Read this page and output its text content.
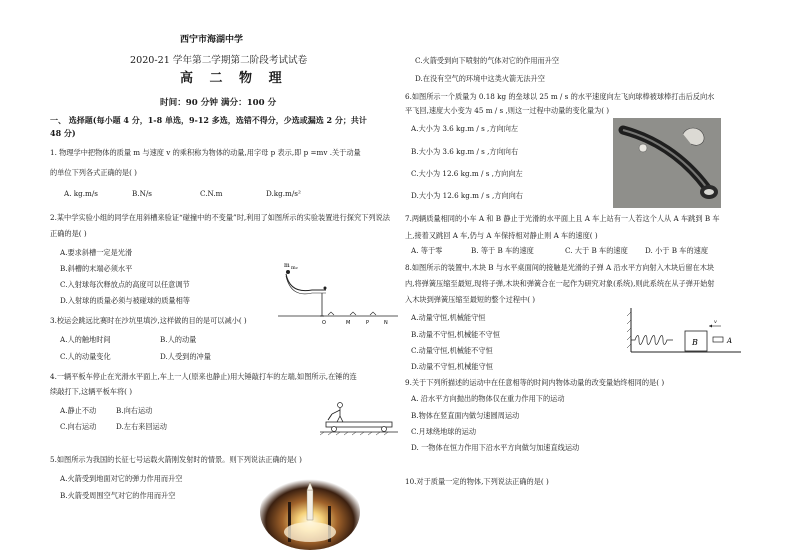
西宁市海湖中学
2020-21 学年第二学期第二阶段考试试卷
高 二 物 理
时间：90 分钟 满分：100 分
一、 选择题(每小题 4 分，1-8 单选，9-12 多选，选错不得分，少选或漏选 2 分；共计
48 分)
1. 物理学中把物体的质量 m 与速度 v 的乘积称为物体的动量,用字母 p 表示,即 p =mv .关于动量
的单位下列各式正确的是( )
A. kg.m/s	B.N/s	C.N.m	D.kg.m/s²
2.某中学实验小组的同学在用斜槽来验证“碰撞中的不变量”时,利用了如图所示的实验装置进行探究下列说法
正确的是( )
A.要求斜槽一定是光滑
B.斜槽的末端必须水平
C.入射球每次释放点的高度可以任意调节
D.入射球的质量必须与被碰球的质量相等
M	P	N
O
m m₂
3.校运会跳远比赛时在沙坑里填沙,这样做的目的是可以减小( )
A.人的触地时间	B.人的动量
C.人的动量变化	D.人受到的冲量
4.一辆平板车停止在光滑水平面上,车上一人(原来也静止)用大锤敲打车的左端,如图所示,在锤的连
续敲打下,这辆平板车将( )
A.静止不动	B.向右运动
C.向右运动	D.左右来回运动
5.如图所示为我国的长征七号运载火箭刚发射时的情景。则下列说法正确的是( )
A.火箭受到地面对它的弹力作用而升空
B.火箭受周围空气对它的作用而升空
C.火箭受到向下喷射的气体对它的作用而升空
D.在没有空气的环境中这类火箭无法升空
6.如图所示一个质量为 0.18 kg 的垒球以 25 m / s 的水平速度向左飞向球棒被球棒打击后反向水
平飞回,速度大小变为 45 m / s ,则这一过程中动量的变化量为( )
A.大小为 3.6 kg.m / s ,方向向左
B.大小为 3.6 kg.m / s ,方向向右
C.大小为 12.6 kg.m / s ,方向向左
D.大小为 12.6 kg.m / s ,方向向右
7.两辆质量相同的小车 A 和 B 静止于光滑的水平面上且 A 车上站有一人若这个人从 A 车跳到 B 车
上,接着又跳回 A 车,仍与 A 车保持相对静止则 A 车的速度( )
A. 等于零	B. 等于 B 车的速度	C. 大于 B 车的速度 D. 小于 B 车的速度
8.如图所示的装置中,木块 B 与水平桌面间的接触是光滑的子弹 A 沿水平方向射入木块后留在木块
内,将弹簧压缩至最短,现将子弹,木块和弹簧合在一起作为研究对象(系统),则此系统在从子弹开始射
入木块到弹簧压缩至最短的整个过程中( )
A.动量守恒,机械能守恒
B.动量不守恒,机械能不守恒
C.动量守恒,机械能不守恒
D.动量不守恒,机械能守恒
B	A
v
9.关于下列所描述的运动中在任意相等的时间内物体动量的改变量始终相同的是( )
A. 沿水平方向抛出的物体仅在重力作用下的运动
B.物体在竖直面内做匀速圆周运动
C.月球绕地球的运动
D. 一物体在恒力作用下沿水平方向做匀加速直线运动
10.对于质量一定的物体,下列说法正确的是( )
